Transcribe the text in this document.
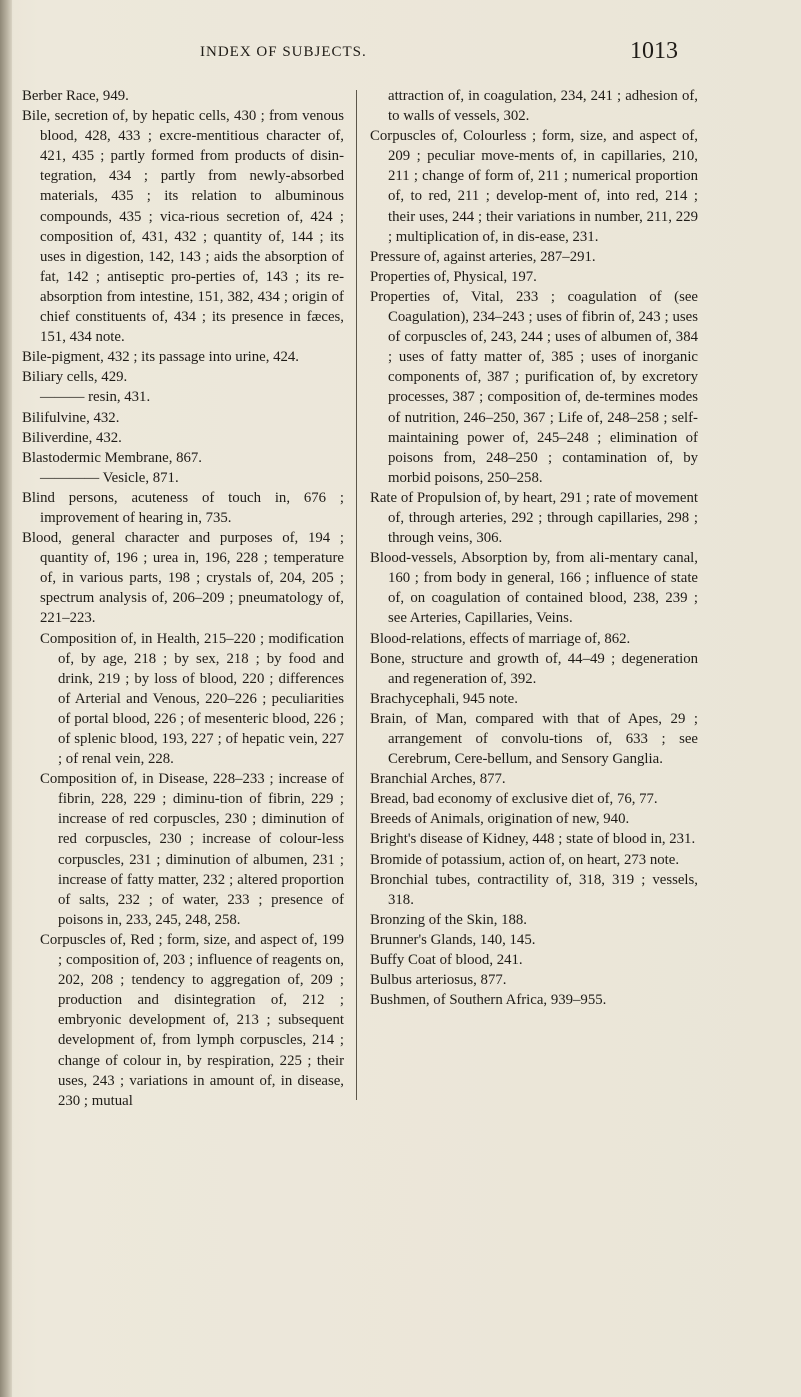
INDEX OF SUBJECTS.	1013

Berber Race, 949.

Bile, secretion of, by hepatic cells, 430 ; from venous blood, 428, 433 ; excre-mentitious character of, 421, 435 ; partly formed from products of disin-tegration, 434 ; partly from newly-absorbed materials, 435 ; its relation to albuminous compounds, 435 ; vica-rious secretion of, 424 ; composition of, 431, 432 ; quantity of, 144 ; its uses in digestion, 142, 143 ; aids the absorption of fat, 142 ; antiseptic pro-perties of, 143 ; its re-absorption from intestine, 151, 382, 434 ; origin of chief constituents of, 434 ; its presence in fæces, 151, 434 note.

Bile-pigment, 432 ; its passage into urine, 424.

Biliary cells, 429.

——— resin, 431.

Bilifulvine, 432.

Biliverdine, 432.

Blastodermic Membrane, 867.

———— Vesicle, 871.

Blind persons, acuteness of touch in, 676 ; improvement of hearing in, 735.

Blood, general character and purposes of, 194 ; quantity of, 196 ; urea in, 196, 228 ; temperature of, in various parts, 198 ; crystals of, 204, 205 ; spectrum analysis of, 206–209 ; pneumatology of, 221–223.

Composition of, in Health, 215–220 ; modification of, by age, 218 ; by sex, 218 ; by food and drink, 219 ; by loss of blood, 220 ; differences of Arterial and Venous, 220–226 ; peculiarities of portal blood, 226 ; of mesenteric blood, 226 ; of splenic blood, 193, 227 ; of hepatic vein, 227 ; of renal vein, 228.

Composition of, in Disease, 228–233 ; increase of fibrin, 228, 229 ; diminu-tion of fibrin, 229 ; increase of red corpuscles, 230 ; diminution of red corpuscles, 230 ; increase of colour-less corpuscles, 231 ; diminution of albumen, 231 ; increase of fatty matter, 232 ; altered proportion of salts, 232 ; of water, 233 ; presence of poisons in, 233, 245, 248, 258.

Corpuscles of, Red ; form, size, and aspect of, 199 ; composition of, 203 ; influence of reagents on, 202, 208 ; tendency to aggregation of, 209 ; production and disintegration of, 212 ; embryonic development of, 213 ; subsequent development of, from lymph corpuscles, 214 ; change of colour in, by respiration, 225 ; their uses, 243 ; variations in amount of, in disease, 230 ; mutual

attraction of, in coagulation, 234, 241 ; adhesion of, to walls of vessels, 302.

Corpuscles of, Colourless ; form, size, and aspect of, 209 ; peculiar move-ments of, in capillaries, 210, 211 ; change of form of, 211 ; numerical proportion of, to red, 211 ; develop-ment of, into red, 214 ; their uses, 244 ; their variations in number, 211, 229 ; multiplication of, in dis-ease, 231.

Pressure of, against arteries, 287–291.

Properties of, Physical, 197.

Properties of, Vital, 233 ; coagulation of (see Coagulation), 234–243 ; uses of fibrin of, 243 ; uses of corpuscles of, 243, 244 ; uses of albumen of, 384 ; uses of fatty matter of, 385 ; uses of inorganic components of, 387 ; purification of, by excretory processes, 387 ; composition of, de-termines modes of nutrition, 246–250, 367 ; Life of, 248–258 ; self-maintaining power of, 245–248 ; elimination of poisons from, 248–250 ; contamination of, by morbid poisons, 250–258.

Rate of Propulsion of, by heart, 291 ; rate of movement of, through arteries, 292 ; through capillaries, 298 ; through veins, 306.

Blood-vessels, Absorption by, from ali-mentary canal, 160 ; from body in general, 166 ; influence of state of, on coagulation of contained blood, 238, 239 ; see Arteries, Capillaries, Veins.

Blood-relations, effects of marriage of, 862.

Bone, structure and growth of, 44–49 ; degeneration and regeneration of, 392.

Brachycephali, 945 note.

Brain, of Man, compared with that of Apes, 29 ; arrangement of convolu-tions of, 633 ; see Cerebrum, Cere-bellum, and Sensory Ganglia.

Branchial Arches, 877.

Bread, bad economy of exclusive diet of, 76, 77.

Breeds of Animals, origination of new, 940.

Bright's disease of Kidney, 448 ; state of blood in, 231.

Bromide of potassium, action of, on heart, 273 note.

Bronchial tubes, contractility of, 318, 319 ; vessels, 318.

Bronzing of the Skin, 188.

Brunner's Glands, 140, 145.

Buffy Coat of blood, 241.

Bulbus arteriosus, 877.

Bushmen, of Southern Africa, 939–955.
